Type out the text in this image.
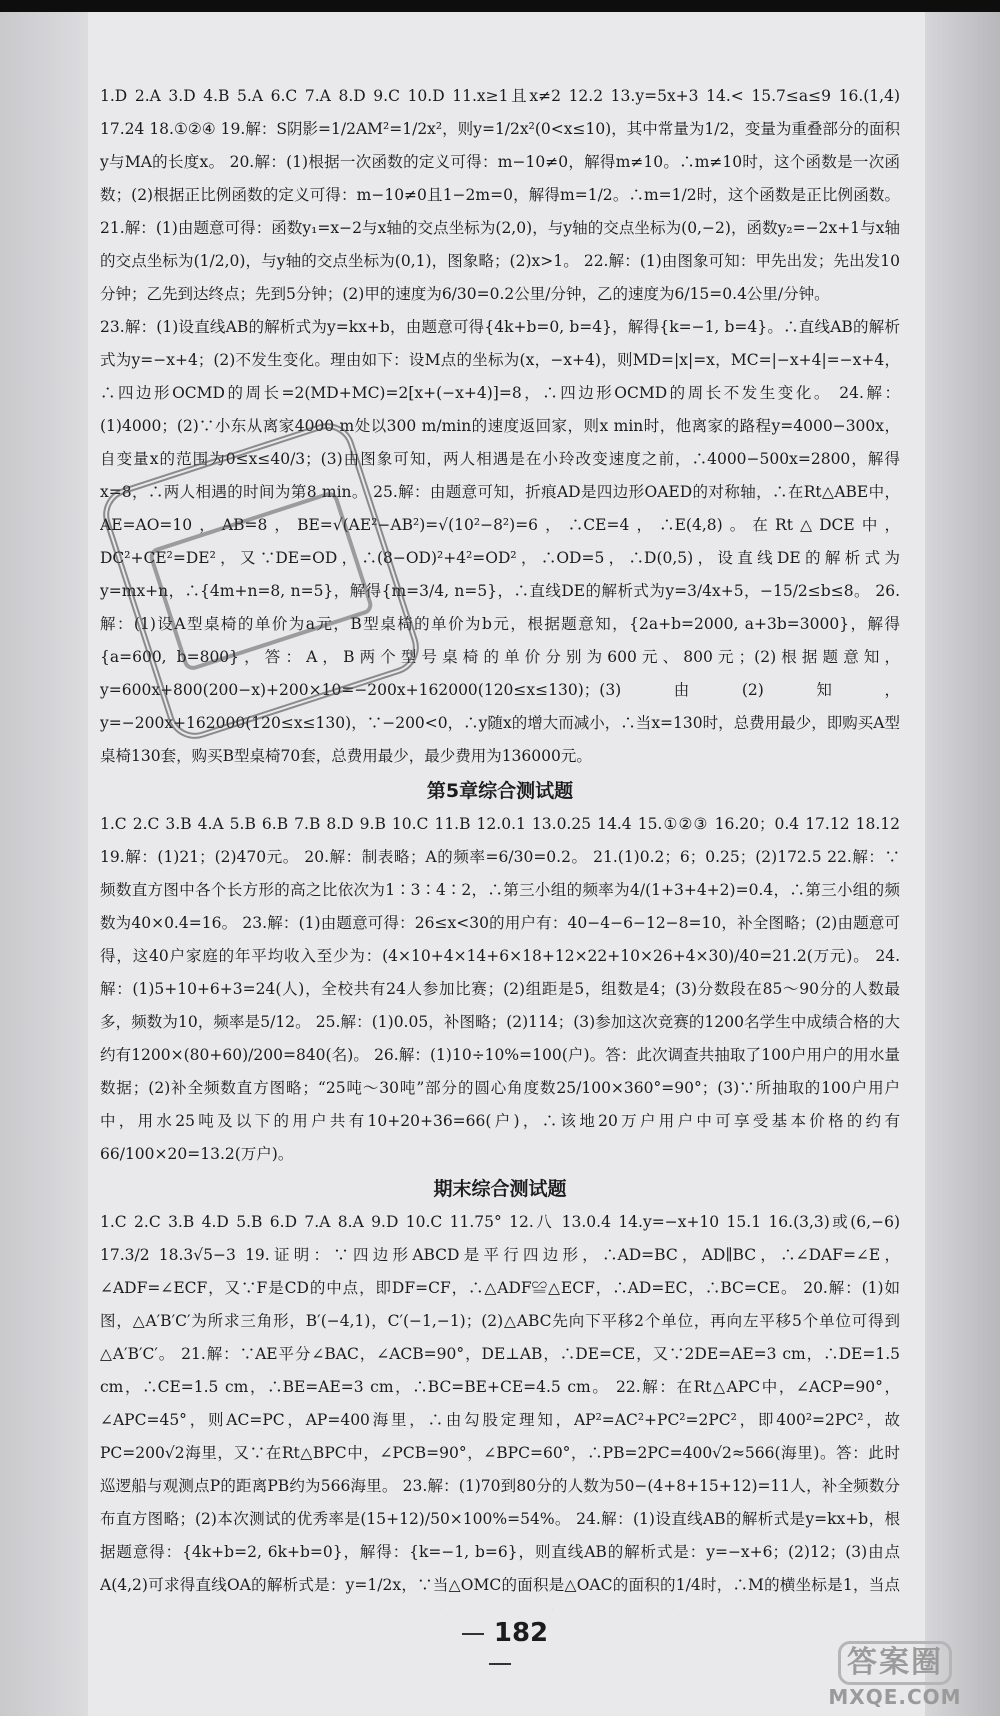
1.D 2.A 3.D 4.B 5.A 6.C 7.A 8.D 9.C 10.D 11.x≥1且x≠2 12.2 13.y=5x+3 14.< 15.7≤a≤9 16.(1,4) 17.24 18.①②④ 19.解：S阴影=1/2AM²=1/2x²，则y=1/2x²(0<x≤10)，其中常量为1/2，变量为重叠部分的面积y与MA的长度x。 20.解：(1)根据一次函数的定义可得：m−10≠0，解得m≠10。∴m≠10时，这个函数是一次函数；(2)根据正比例函数的定义可得：m−10≠0且1−2m=0，解得m=1/2。∴m=1/2时，这个函数是正比例函数。 21.解：(1)由题意可得：函数y₁=x−2与x轴的交点坐标为(2,0)，与y轴的交点坐标为(0,−2)，函数y₂=−2x+1与x轴的交点坐标为(1/2,0)，与y轴的交点坐标为(0,1)，图象略；(2)x>1。 22.解：(1)由图象可知：甲先出发；先出发10分钟；乙先到达终点；先到5分钟；(2)甲的速度为6/30=0.2公里/分钟，乙的速度为6/15=0.4公里/分钟。

23.解：(1)设直线AB的解析式为y=kx+b，由题意可得{4k+b=0, b=4}，解得{k=−1, b=4}。∴直线AB的解析式为y=−x+4；(2)不发生变化。理由如下：设M点的坐标为(x，−x+4)，则MD=|x|=x，MC=|−x+4|=−x+4，∴四边形OCMD的周长=2(MD+MC)=2[x+(−x+4)]=8，∴四边形OCMD的周长不发生变化。 24.解：(1)4000；(2)∵小东从离家4000 m处以300 m/min的速度返回家，则x min时，他离家的路程y=4000−300x，自变量x的范围为0≤x≤40/3；(3)由图象可知，两人相遇是在小玲改变速度之前，∴4000−500x=2800，解得x=8，∴两人相遇的时间为第8 min。 25.解：由题意可知，折痕AD是四边形OAED的对称轴，∴在Rt△ABE中，AE=AO=10，AB=8，BE=√(AE²−AB²)=√(10²−8²)=6，∴CE=4，∴E(4,8)。在Rt△DCE中，DC²+CE²=DE²，又∵DE=OD，∴(8−OD)²+4²=OD²，∴OD=5，∴D(0,5)，设直线DE的解析式为y=mx+n，∴{4m+n=8, n=5}，解得{m=3/4, n=5}，∴直线DE的解析式为y=3/4x+5，−15/2≤b≤8。 26.解：(1)设A型桌椅的单价为a元，B型桌椅的单价为b元，根据题意知，{2a+b=2000, a+3b=3000}，解得{a=600, b=800}，答：A，B两个型号桌椅的单价分别为600元、800元；(2)根据题意知，y=600x+800(200−x)+200×10=−200x+162000(120≤x≤130)；(3)由(2)知，y=−200x+162000(120≤x≤130)，∵−200<0，∴y随x的增大而减小，∴当x=130时，总费用最少，即购买A型桌椅130套，购买B型桌椅70套，总费用最少，最少费用为136000元。

第5章综合测试题

1.C 2.C 3.B 4.A 5.B 6.B 7.B 8.D 9.B 10.C 11.B 12.0.1 13.0.25 14.4 15.①②③ 16.20；0.4 17.12 18.12 19.解：(1)21；(2)470元。 20.解：制表略；A的频率=6/30=0.2。 21.(1)0.2；6；0.25；(2)172.5 22.解：∵频数直方图中各个长方形的高之比依次为1∶3∶4∶2，∴第三小组的频率为4/(1+3+4+2)=0.4，∴第三小组的频数为40×0.4=16。 23.解：(1)由题意可得：26≤x<30的用户有：40−4−6−12−8=10，补全图略；(2)由题意可得，这40户家庭的年平均收入至少为：(4×10+4×14+6×18+12×22+10×26+4×30)/40=21.2(万元)。 24.解：(1)5+10+6+3=24(人)，全校共有24人参加比赛；(2)组距是5，组数是4；(3)分数段在85～90分的人数最多，频数为10，频率是5/12。 25.解：(1)0.05，补图略；(2)114；(3)参加这次竞赛的1200名学生中成绩合格的大约有1200×(80+60)/200=840(名)。 26.解：(1)10÷10%=100(户)。答：此次调查共抽取了100户用户的用水量数据；(2)补全频数直方图略；“25吨～30吨”部分的圆心角度数25/100×360°=90°；(3)∵所抽取的100户用户中，用水25吨及以下的用户共有10+20+36=66(户)，∴该地20万户用户中可享受基本价格的约有66/100×20=13.2(万户)。

期末综合测试题

1.C 2.C 3.B 4.D 5.B 6.D 7.A 8.A 9.D 10.C 11.75° 12.八 13.0.4 14.y=−x+10 15.1 16.(3,3)或(6,−6) 17.3/2 18.3√5−3 19.证明：∵四边形ABCD是平行四边形，∴AD=BC，AD∥BC，∴∠DAF=∠E，∠ADF=∠ECF，又∵F是CD的中点，即DF=CF，∴△ADF≌△ECF，∴AD=EC，∴BC=CE。 20.解：(1)如图，△A′B′C′为所求三角形，B′(−4,1)，C′(−1,−1)；(2)△ABC先向下平移2个单位，再向左平移5个单位可得到△A′B′C′。 21.解：∵AE平分∠BAC，∠ACB=90°，DE⊥AB，∴DE=CE，又∵2DE=AE=3 cm，∴DE=1.5 cm，∴CE=1.5 cm，∴BE=AE=3 cm，∴BC=BE+CE=4.5 cm。 22.解：在Rt△APC中，∠ACP=90°，∠APC=45°，则AC=PC，AP=400海里，∴由勾股定理知，AP²=AC²+PC²=2PC²，即400²=2PC²，故PC=200√2海里，又∵在Rt△BPC中，∠PCB=90°，∠BPC=60°，∴PB=2PC=400√2≈566(海里)。答：此时巡逻船与观测点P的距离PB约为566海里。 23.解：(1)70到80分的人数为50−(4+8+15+12)=11人，补全频数分布直方图略；(2)本次测试的优秀率是(15+12)/50×100%=54%。 24.解：(1)设直线AB的解析式是y=kx+b，根据题意得：{4k+b=2, 6k+b=0}，解得：{k=−1, b=6}，则直线AB的解析式是：y=−x+6；(2)12；(3)由点A(4,2)可求得直线OA的解析式是：y=1/2x，∵当△OMC的面积是△OAC的面积的1/4时，∴M的横坐标是1，当点

182
答案圈
MXQE.COM
